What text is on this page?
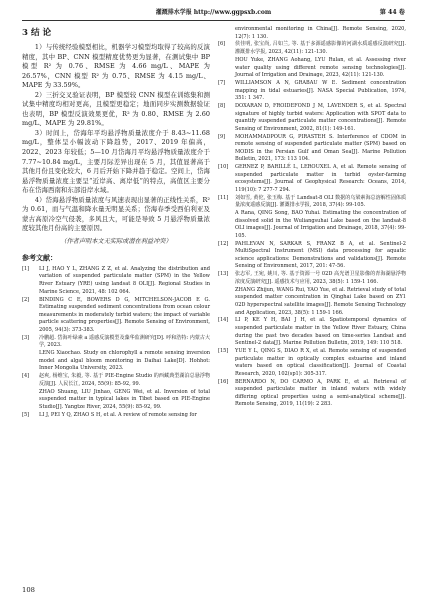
灌溉排水学报 http://www.ggpsxb.com	第 44 卷
3 结 论

1）与传统经验模型相比，机器学习模型均取得了较高的反演精度，其中 BP、CNN 模型精度优势更为显著，在测试集中 BP 模型 R² 为 0.76、RMSE 为 4.66 mg/L、MAPE 为 26.57%，CNN 模型 R² 为 0.75、RMSE 为 4.15 mg/L、MAPE 为 33.59%。

2）三折交叉验证表明，BP 模型较 CNN 模型在训练集和测试集中精度均相对更高，且模型更稳定；地面同步实测数据验证也表明，BP 模型反演效果更优，R² 为 0.80、RMSE 为 2.60 mg/L、MAPE 为 29.81%。

3）时间上，岱海年平均悬浮物质量浓度介于 8.43~11.68 mg/L，整体呈小幅波动下降趋势，2017、2019 年偏高，2022、2023 年较低；5—10 月岱海月平均悬浮物质量浓度介于 7.77~10.84 mg/L，主要月际差异出现在 5 月，其值显著高于其他月份且变化较大，6 月后开始下降并趋于稳定。空间上，岱海悬浮物质量浓度主要呈“近岸高、离岸低”的特点，高值区主要分布在岱海西南和东部沿岸水域。

4）岱海悬浮物质量浓度与风速表现出显著的正线性关系，R² 为 0.61，而与气温和降水量无明显关系；岱海春季受西伯利亚及蒙古高原冷空气侵袭，多风且大，可能是导致 5 月悬浮物质量浓度较其他月份高的主要原因。

（作者声明本文无实际或潜在利益冲突）
参考文献：
[1]	LI J, HAO Y L, ZHANG Z Z, et al. Analyzing the distribution and variation of suspended particulate matter (SPM) in the Yellow River Estuary (YRE) using landsat 8 OLI[J]. Regional Studies in Marine Science, 2021, 48: 102 064.
[2]	BINDING C E, BOWERS D G, MITCHELSON-JACOB E G. Estimating suspended sediment concentrations from ocean colour measurements in moderately turbid waters; the impact of variable particle scattering properties[J]. Remote Sensing of Environment, 2005, 94(3): 373-383.
[3]	冷鹏超. 岱海叶绿素 a 遥感反演模型及藻华监测研究[D]. 呼和浩特: 内蒙古大学, 2023.
LENG Xiaochao. Study on chlorophyll a remote sensing inversion model and algal bloom monitoring in Daihai Lake[D]. Hohhot: Inner Mongolia University, 2023.
[4]	赵爽, 杨维宝, 朱毅, 等. 基于 PIE-Engine Studio 的西藏典型湖泊总悬浮物反演[J]. 人民长江, 2024, 55(9): 85-92, 99.
ZHAO Shuang, LIU Jinhao, GENG Wei, et al. Inversion of total suspended matter in typical lakes in Tibet based on PIE-Engine Studio[J]. Yangtze River, 2024, 55(9): 85-92, 99.
[5]	LI J, PEI Y Q, ZHAO S H, et al. A review of remote sensing for
environmental monitoring in China[J]. Remote Sensing, 2020, 12(7): 1 130.
[6]	侯佳明, 张宝尚, 吕如兰, 等. 基于多源遥感影像的河湖水质遥感反演研究[J]. 灌溉排水学报, 2023, 42(11): 121-130.
HOU Yuke, ZHANG Aohang, LYU Rulan, et al. Assessing river water quality using different remote sensing technologies[J]. Journal of Irrigation and Drainage, 2023, 42(11): 121-130.
[7]	WILLIAMSON A N, GRABAU W E. Sediment concentration mapping in tidal estuaries[J]. NASA Special Publication, 1974, 351: 1 347.
[8]	DOXARAN D, FROIDEFOND J M, LAVENDER S, et al. Spectral signature of highly turbid waters: Application with SPOT data to quantify suspended particulate matter concentrations[J]. Remote Sensing of Environment, 2002, 81(1): 149-161.
[9]	MOHAMMADPOUR G, PIRASTEH S. Interference of CDOM in remote sensing of suspended particulate matter (SPM) based on MODIS in the Persian Gulf and Oman Sea[J]. Marine Pollution Bulletin, 2021, 173: 113 104.
[10]	GERNEZ P, BARILLÉ L, LEROUXEL A, et al. Remote sensing of suspended particulate matter in turbid oyster-farming ecosystems[J]. Journal of Geophysical Research: Oceans, 2014, 119(10): 7 277-7 294.
[11]	刘如雪, 黄佗, 张玉梅. 基于 Landsat-8 OLI 数据的乌梁素海总溶解性固体质量浓度遥感反演[J]. 灌溉排水学报, 2018, 37(4): 99-105.
A Rana, QING Song, BAO Yuhai. Estimating the concentration of dissolved solid in the Wuliangsuhai Lake based on the landsat-8 OLI images[J]. Journal of Irrigation and Drainage, 2018, 37(4): 99-105.
[12]	PAHLEVAN N, SARKAR S, FRANZ B A, et al. Sentinel-2 MultiSpectral Instrument (MSI) data processing for aquatic science applications: Demonstrations and validations[J]. Remote Sensing of Environment, 2017, 201: 47-56.
[13]	张志军, 王宛, 姚川, 等. 基于资源一号 02D 高光谱卫星影像的青海湖悬浮物浓度反演研究[J]. 遥感技术与应用, 2023, 38(5): 1 159-1 166.
ZHANG Zhijun, WANG Rui, YAO Yue, et al. Retrieval study of total suspended matter concentration in Qinghai Lake based on ZY1 02D hyperspectral satellite images[J]. Remote Sensing Technology and Application, 2023, 38(5): 1 159-1 166.
[14]	LI P, KE Y H, BAI J H, et al. Spatiotemporal dynamics of suspended particulate matter in the Yellow River Estuary, China during the past two decades based on time-series Landsat and Sentinel-2 data[J]. Marine Pollution Bulletin, 2019, 149: 110 518.
[15]	YUE Y L, QING S, DIAO R X, et al. Remote sensing of suspended particulate matter in optically complex estuarine and inland waters based on optical classification[J]. Journal of Coastal Research, 2020, 102(sp1): 305-317.
[16]	BERNARDO N, DO CARMO A, PARK E, et al. Retrieval of suspended particulate matter in inland waters with widely differing optical properties using a semi-analytical scheme[J]. Remote Sensing, 2019, 11(19): 2 283.
108
